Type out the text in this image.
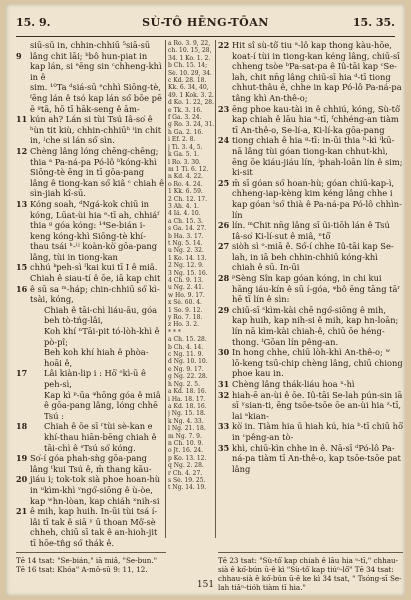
15. 9.	SÙ-TÔ HĒNG-TŌAN	15. 35.
siū-sū in, chhin-chhiū ⁵siā-sū
9 lâng chit lāi; ᵇbô hun-piat in kap lán, si ᵉēng sin ᶜchheng-khì in ê
sim. ¹⁰Ta ᵈsiá-sū ᵉchhì Siōng-tè, ᶠēng lán ê tsó kap lán só͘ bōe pē ē ᵍtā, hō tī hāk-seng ê ām-
11 kún ah? Lán si tùi Tsú Iâ-so͘ ê ʰùn tit kiù, chhin-chhiūʰ ⁱin chit in, ʲche si lán só͘ sìn.
12 Chèng lâng lóng chēng-chēng; thia ᵃ Pa-ná-pa Pó-lô ᵇkóng-khì Siōng-tè ēng in tī gōa-pang lâng ê tiong-kan só͘ kiâ ᶜ chiah ê sìn-jiah kî-sū.
13 Kóng soah, ᵈNgá-kok chiū in kóng, Lūat-ùi hia ᵉ-tī ah, chhiáᶠ thia ᵍ góa kóng: ¹⁴Se-bián i-keng kóng-khì Siōng-tè khí-thau tsái ʰ-ⁱʲ koàn-kò͘ gōa-pang lâng, tùi in tiong-kan
15 chhú ᵏpeh-sì ˡkai kui tī I ê miâ. Chiah ê siau-tí ê ōe, iā kap chit
16 ê sū sa ᵐ-háp; chin-chhiū só͘ kì-tsài, kóng,
Chiah ê tāi-chì liáu-āu, góa beh tò-tńg-lâi,
Koh khí ⁿTāi-pit tó-lòh-khì ê pò-pî;
Beh koh khí hiah ê phòa-hoāi ê,
17 Lâi kiàn-lip i : Hō͘ ᵒkì-ū ê peh-sì,
Kap kì ᵖ-ūa ᵠhōng góa ê miâ ê gōa-pang lâng, lóng chhē Tsú :
18 Chiah ê ōe sī ʳtùi sè-kan e khí-thau hiān-bēng chiah ê tāi-chì ê ˢTsú só͘ kóng.
19 So͘-í góa phah-sǹg gōa-pang lâng ᵗkui Tsú ê, m̄ thang kāu-
20 jiáu i; tok-tok sià phoe hoan-hù in ᵘkìm-khì ᵛngó͘-siōng ê ù-òe, kap ʷhn-lòan, kap chiáh ˣnih-si
21 ê mih, kap huih. In-ūi tùi tsá í-lâi tī tak ê siā ʸ ū thoan Mô͘-sè chheh, chiū sī tak ê an-hioh-jit tī hōe-tn̂g só͘ thák ê.
a Ro. 3. 9, 22,
ch. 10. 15, 28,
34. 1 Ko. 1. 2.
b Ch. 15. 14;
Sè. 10. 29, 34.
c Kd. 28. 18.
Kk. 6. 34, 40,
49. 1 Kok. 3. 2.
d Ko. 1. 22, 28.
e Tk. 3. 16.
f Ga. 3. 24.
g Ro. 3. 24, 31.
h Ga. 2. 16.
i Ef. 2. 8.
j Ti. 3. 4, 5.
k Ga. 5. 1.
l Ro. 3. 30.
m 1 Ti. 6. 12.
n Kd. 4. 22.
o Ro. 4. 24.
1 Kk. 6. 59.
2 Ch. 12. 17.
3 Ah. 4. 1.
4 Iâ. 4. 10.
a Ch. 15. 3.
s Ga. 14. 27.
b Ha. 3. 17.
t Ng. 5. 14.
u Ng. 2. 32.
1 Ko. 14. 13.
2 Ng. 12. 9.
3 Ng. 15. 16.
4 Ch. 9. 13.
u Ng. 2. 41.
w Ho. 9. 17.
x Sè. 60. 4.
1 So. 9. 12.
y Ro. 7. 18.
z Ho. 3. 2.
* * *
a Ch. 15. 28.
b Ch. 4. 14.
c Ng. 11. 9.
d Ng. 10. 10.
e Ng. 9. 17.
g Ng. 22. 28.
h Ng. 2. 5.
a Kd. 18. 16.
i Ha. 18. 17.
a Kd. 18. 16.
j Ng. 15. 18.
k Ng. 4. 33.
l Ng. 21. 18.
m Ng. 7. 9.
n Ch. 10. 9.
o Jt. 16. 24.
p Ko. 13. 12.
q Ng. 2. 28.
r Ch. 4. 27.
s Sè. 19. 25.
t Ng. 14. 19.
22 Hit sî sù-tô͘ tiu ᵃ-lô kap thong kàu-hōe, koat-í tùi in tiong-kan kéng lâng, chiū-sī chheng tsòe ᵇPa-sat-pa ê Iû-tāi kap ᶜSe-lah, chit nn̄g lâng chiū-sī hia ᵈ-tī tiong chhut-thâu ê, chhe in kap Pó-lô Pa-ná-pa tâng khì An-thê-o;
23 ēng phoe kau-tài in ê chhiú, kóng, Sù-tô͘ kap chiah ê lāu hia ᵉ-tī, ᶠchhéng-an tiàm tī An-thê-o, Se-lí-a, Ki-lí-ka gōa-pang
24 tiong chiah ê hia ᵍ-tī: in-ūi thia ʰ-kì ⁱkū-nā lâng tùi góan tiong-kan chhut-khì, ēng ōe kiáu-jiáu lín, ʲphah-loān lín ê sim; ki-sit
25 m̄ sī góan só͘ hoan-hù; góan chiū-kap-ì, chheng-iap-kèng kim kéng lâng chhe i kap góan ˡsó͘ thià ê Pa-ná-pa Pó-lô chhìn-lín
26 lín. ᵐChit nn̄g lâng sī ūi-tiōh lán ê Tsú Iâ-so͘ Ki-lí-sut ê miâ, ⁿtō͘
27 siòh sì ᵒ-miā ê. Só͘-í chhe Iû-tāi kap Se-lah, in iā beh chhin-chhiū kóng-khì chiah ê sū. In-ūi
28 ᵖSèng Sîn kap góan kóng, in chi kui hāng iáu-kín ê sū í-góa, ᵠbô ēng tāng tāʳ hē tī lín ê sìn:
29 chiū-sī ˢkìm-kài chē ngó͘-siōng ê mih, kap huih, kap nih-si ê mih, kap hn-loān; lín nā kìm-kài chiah-ê, chiū ōe héng-thong. ᵗGōan lín pêng-an.
30 In hong chhe, chiū lòh-khì An-thê-o; ʷ lō-keng tsū-chip chèng lâng, chiū chiong phoe kau in.
31 Chèng lâng thák-liáu hoa ˣ-hì
32 hiah-ē an-ùi ê ōe. Iû-tāi Se-lah pún-sin iā sī ʸsian-ti, ēng tsōe-tsōe ōe an-ùi hia ᶻ-tī, lai ᵃkian-
33 kò͘ in. Tiàm hia ū hiah kú, hia ᵇ-tī chiū hō͘ in ᶜpêng-an tò-
35 khì, chiū-kìn chhe in ê. Nā-sī ᵈPó-lô Pa-ná-pa tiàm tī An-thê-o, kap tsōe-tsōe pat lâng
Tē 14 tsat: "Se-bián," iā miâ, "Se-bun." Tē 16 tsat: Khóa" A-mô-sū 9: 11, 12.
Tē 23 tsat: "Sù-tô͘ kap chiah ê lāu hia ᵃ-tī," chhau-sià ê kó͘-bún ū-ê kì "Sù-tô͘ kap tiúⁿ-lô͘" Tē 34 tsat: chhau-sià ê kó͘-bún ū-ê ke kì 34 tsat, " Tsóng-sī Se-lah tiâⁿ-tióh tiàm tī hia."
151
